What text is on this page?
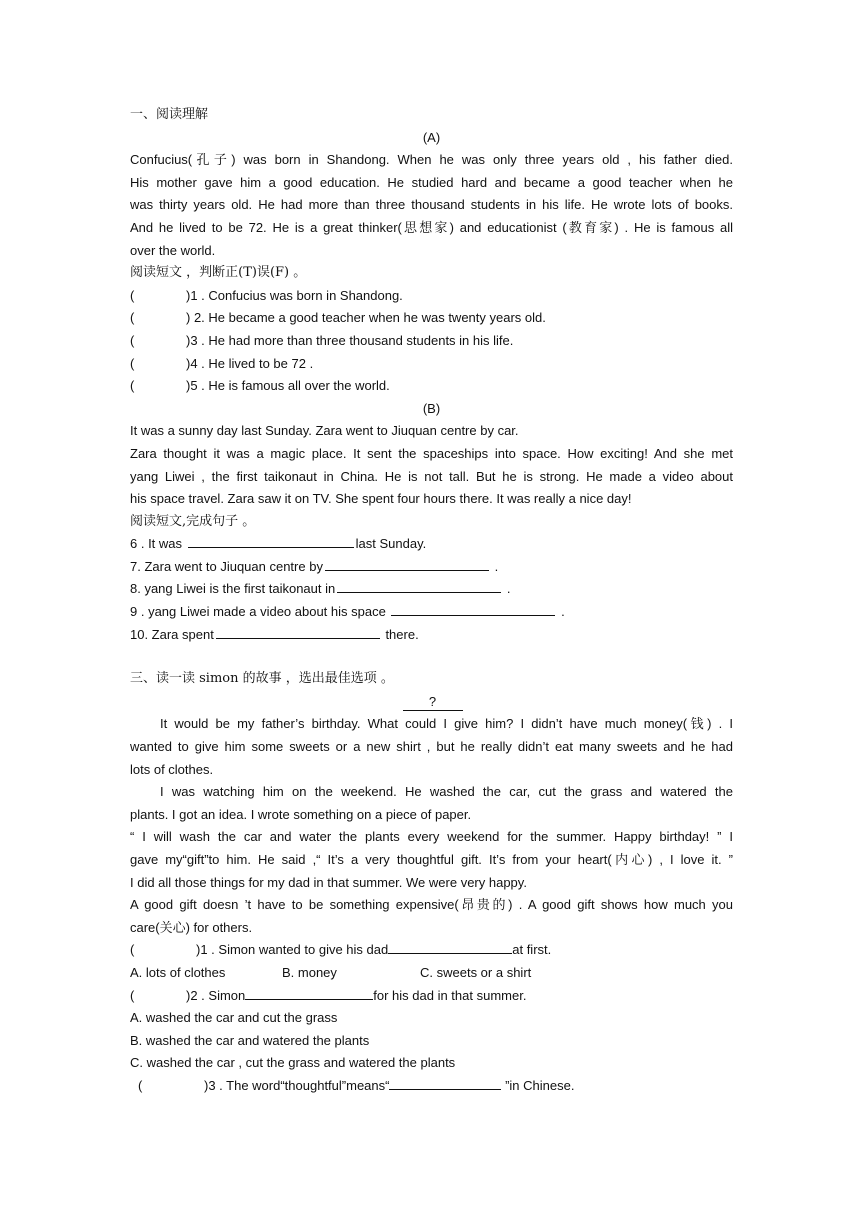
一、阅读理解
(A)
Confucius(孔子) was born in Shandong. When he was only three years old , his father died.
His mother gave him a good education. He studied hard and became a good teacher when he
was thirty years old. He had more than three thousand students in his life. He wrote lots of books.
And he lived to be 72. He is a great thinker(思想家) and educationist (教育家) . He is famous all
over the world.
阅读短文 ，判断正(T)误(F) 。
(	)1 . Confucius was born in Shandong.
(	) 2. He became a good teacher when he was twenty years old.
(	)3 . He had more than three thousand students in his life.
(	)4 . He lived to be 72 .
(	)5 . He is famous all over the world.
(B)
It was a sunny day last Sunday. Zara went to Jiuquan centre by car.
Zara thought it was a magic place. It sent the spaceships into space. How exciting! And she met
yang Liwei , the first taikonaut in China. He is not tall. But he is strong. He made a video about
his space travel. Zara saw it on TV. She spent four hours there. It was really a nice day!
阅读短文,完成句子 。
6 . It was	last Sunday.
7. Zara went to Jiuquan centre by	.
8. yang Liwei is the first taikonaut in	.
9 . yang Liwei made a video about his space	.
10. Zara spent	there.
三、读一读 simon 的故事 ，选出最佳选项 。
?
It would be my father’s birthday. What could I give him? I didn’t have much money(钱) . I
wanted to give him some sweets or a new shirt , but he really didn’t eat many sweets and he had
lots of clothes.
I was watching him on the weekend. He washed the car, cut the grass and watered the
plants. I got an idea. I wrote something on a piece of paper.
“ I will wash the car and water the plants every weekend for the summer. Happy birthday! ” I
gave my“gift”to him. He said ,“ It’s a very thoughtful gift. It’s from your heart(内心) , I love it. ”
I did all those things for my dad in that summer. We were very happy.
A good gift doesn ’t have to be something expensive(昂贵的) . A good gift shows how much you
care(关心) for others.
(	)1 . Simon wanted to give his dad	at first.
A. lots of clothes	B. money	C. sweets or a shirt
(	)2 . Simon	for his dad in that summer.
A. washed the car and cut the grass
B. washed the car and watered the plants
C. washed the car , cut the grass and watered the plants
(	)3 . The word“thoughtful”means“	”in Chinese.
